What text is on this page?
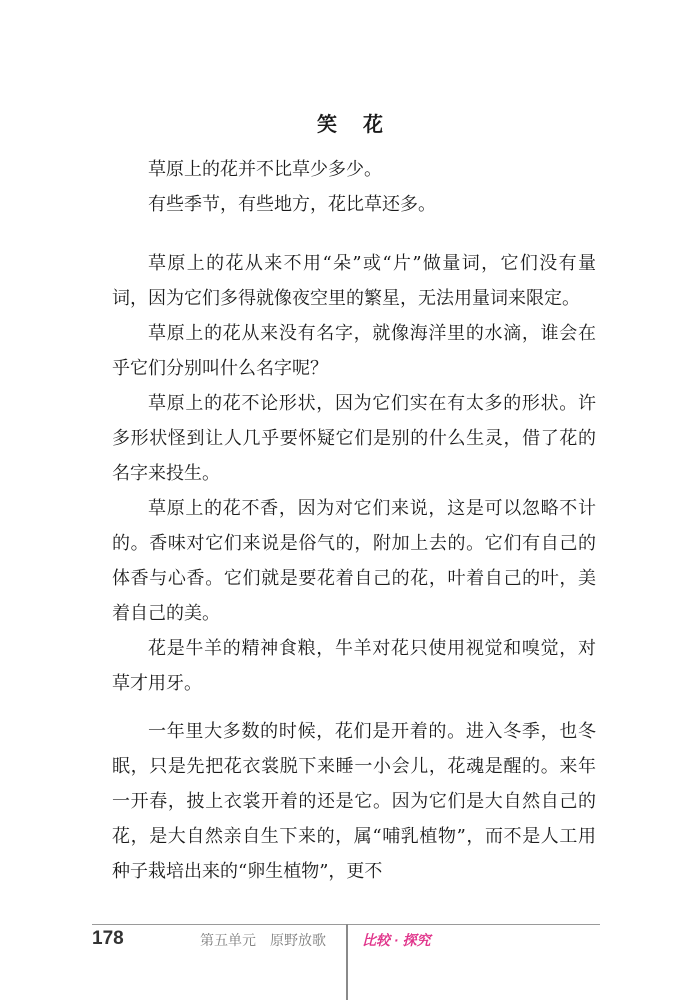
笑花

草原上的花并不比草少多少。

有些季节，有些地方，花比草还多。

草原上的花从来不用“朵”或“片”做量词，它们没有量词，因为它们多得就像夜空里的繁星，无法用量词来限定。

草原上的花从来没有名字，就像海洋里的水滴，谁会在乎它们分别叫什么名字呢？

草原上的花不论形状，因为它们实在有太多的形状。许多形状怪到让人几乎要怀疑它们是别的什么生灵，借了花的名字来投生。

草原上的花不香，因为对它们来说，这是可以忽略不计的。香味对它们来说是俗气的，附加上去的。它们有自己的体香与心香。它们就是要花着自己的花，叶着自己的叶，美着自己的美。

花是牛羊的精神食粮，牛羊对花只使用视觉和嗅觉，对草才用牙。

一年里大多数的时候，花们是开着的。进入冬季，也冬眠，只是先把花衣裳脱下来睡一小会儿，花魂是醒的。来年一开春，披上衣裳开着的还是它。因为它们是大自然自己的花，是大自然亲自生下来的，属“哺乳植物”，而不是人工用种子栽培出来的“卵生植物”，更不

178	第五单元　原野放歌	比较 · 探究
